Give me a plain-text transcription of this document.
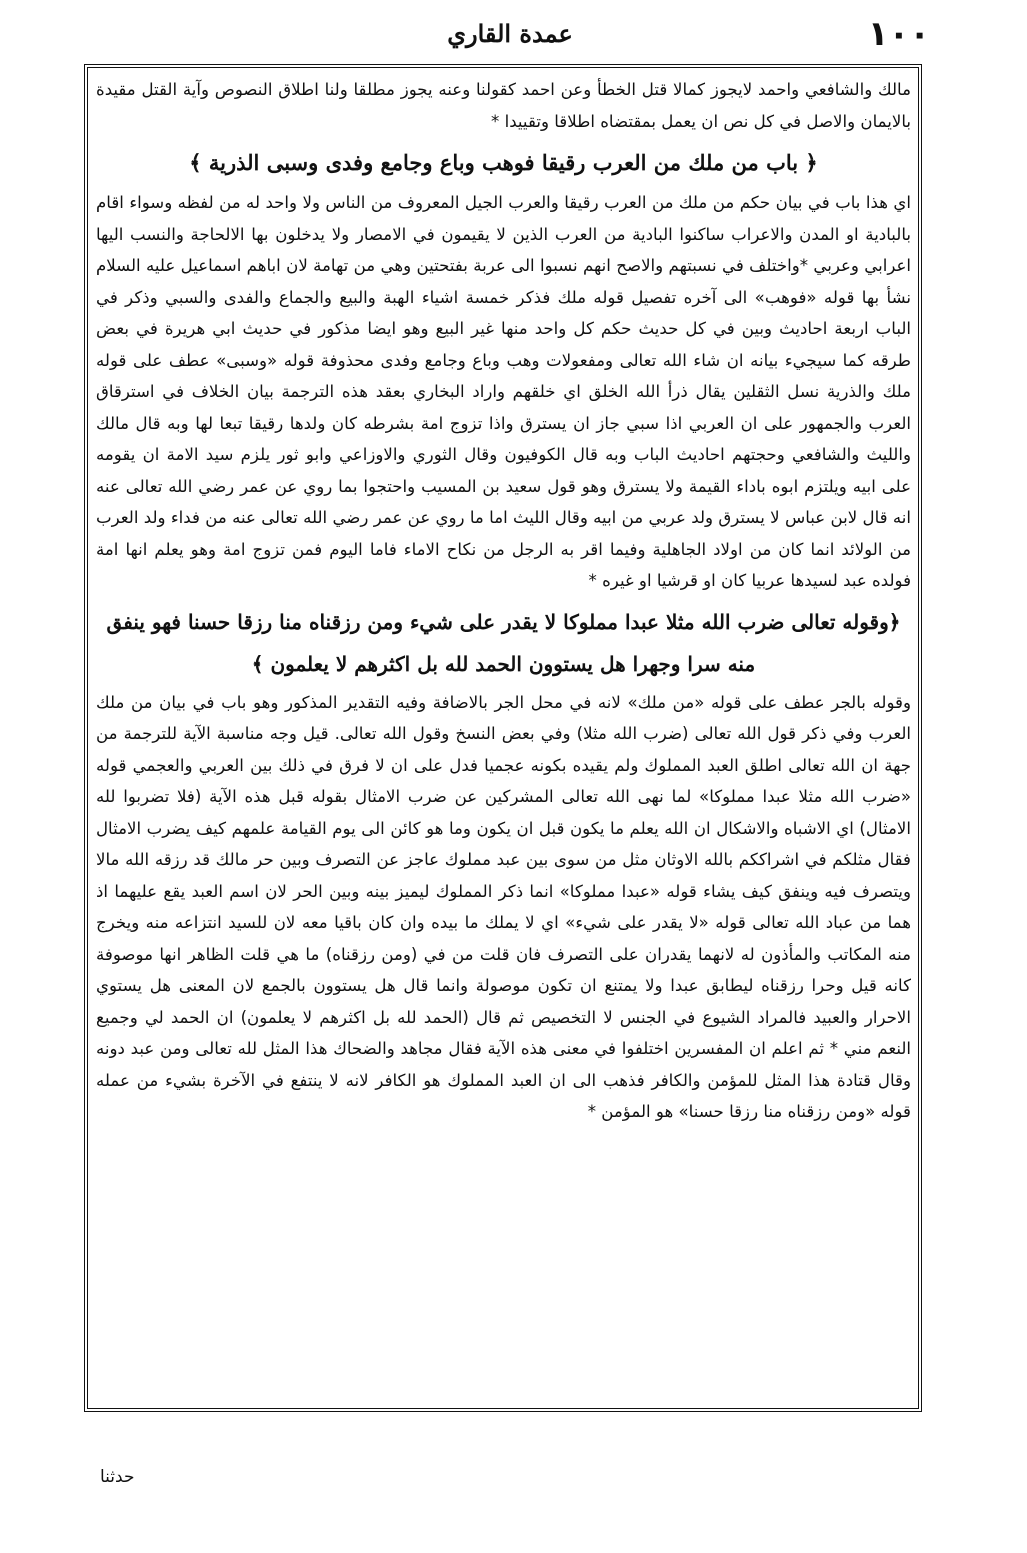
١٠٠
عمدة القاري

مالك والشافعي واحمد لايجوز كمالا قتل الخطأ وعن احمد كقولنا وعنه يجوز مطلقا ولنا اطلاق النصوص وآية القتل مقيدة بالايمان والاصل في كل نص ان يعمل بمقتضاه اطلاقا وتقييدا *

﴿ باب من ملك من العرب رقيقا فوهب وباع وجامع وفدى وسبى الذرية ﴾

اي هذا باب في بيان حكم من ملك من العرب رقيقا والعرب الجيل المعروف من الناس ولا واحد له من لفظه وسواء اقام بالبادية او المدن والاعراب ساكنوا البادية من العرب الذين لا يقيمون في الامصار ولا يدخلون بها الالحاجة والنسب اليها اعرابي وعربي *واختلف في نسبتهم والاصح انهم نسبوا الى عربة بفتحتين وهي من تهامة لان اباهم اسماعيل عليه السلام نشأ بها قوله «فوهب» الى آخره تفصيل قوله ملك فذكر خمسة اشياء الهبة والبيع والجماع والفدى والسبي وذكر في الباب اربعة احاديث وبين في كل حديث حكم كل واحد منها غير البيع وهو ايضا مذكور في حديث ابي هريرة في بعض طرقه كما سيجيء بيانه ان شاء الله تعالى ومفعولات وهب وباع وجامع وفدى محذوفة قوله «وسبى» عطف على قوله ملك والذرية نسل الثقلين يقال ذرأ الله الخلق اي خلقهم واراد البخاري بعقد هذه الترجمة بيان الخلاف في استرقاق العرب والجمهور على ان العربي اذا سبي جاز ان يسترق واذا تزوج امة بشرطه كان ولدها رقيقا تبعا لها وبه قال مالك والليث والشافعي وحجتهم احاديث الباب وبه قال الكوفيون وقال الثوري والاوزاعي وابو ثور يلزم سيد الامة ان يقومه على ابيه ويلتزم ابوه باداء القيمة ولا يسترق وهو قول سعيد بن المسيب واحتجوا بما روي عن عمر رضي الله تعالى عنه انه قال لابن عباس لا يسترق ولد عربي من ابيه وقال الليث اما ما روي عن عمر رضي الله تعالى عنه من فداء ولد العرب من الولائد انما كان من اولاد الجاهلية وفيما اقر به الرجل من نكاح الاماء فاما اليوم فمن تزوج امة وهو يعلم انها امة فولده عبد لسيدها عربيا كان او قرشيا او غيره *

﴿وقوله تعالى ضرب الله مثلا عبدا مملوكا لا يقدر على شيء ومن رزقناه منا رزقا حسنا فهو ينفق منه سرا وجهرا هل يستوون الحمد لله بل اكثرهم لا يعلمون ﴾

وقوله بالجر عطف على قوله «من ملك» لانه في محل الجر بالاضافة وفيه التقدير المذكور وهو باب في بيان من ملك العرب وفي ذكر قول الله تعالى (ضرب الله مثلا) وفي بعض النسخ وقول الله تعالى. قيل وجه مناسبة الآية للترجمة من جهة ان الله تعالى اطلق العبد المملوك ولم يقيده بكونه عجميا فدل على ان لا فرق في ذلك بين العربي والعجمي قوله «ضرب الله مثلا عبدا مملوكا» لما نهى الله تعالى المشركين عن ضرب الامثال بقوله قبل هذه الآية (فلا تضربوا لله الامثال) اي الاشباه والاشكال ان الله يعلم ما يكون قبل ان يكون وما هو كائن الى يوم القيامة علمهم كيف يضرب الامثال فقال مثلكم في اشراككم بالله الاوثان مثل من سوى بين عبد مملوك عاجز عن التصرف وبين حر مالك قد رزقه الله مالا ويتصرف فيه وينفق كيف يشاء قوله «عبدا مملوكا» انما ذكر المملوك ليميز بينه وبين الحر لان اسم العبد يقع عليهما اذ هما من عباد الله تعالى قوله «لا يقدر على شيء» اي لا يملك ما بيده وان كان باقيا معه لان للسيد انتزاعه منه ويخرج منه المكاتب والمأذون له لانهما يقدران على التصرف فان قلت من في (ومن رزقناه) ما هي قلت الظاهر انها موصوفة كانه قيل وحرا رزقناه ليطابق عبدا ولا يمتنع ان تكون موصولة وانما قال هل يستوون بالجمع لان المعنى هل يستوي الاحرار والعبيد فالمراد الشيوع في الجنس لا التخصيص ثم قال (الحمد لله بل اكثرهم لا يعلمون) ان الحمد لي وجميع النعم مني * ثم اعلم ان المفسرين اختلفوا في معنى هذه الآية فقال مجاهد والضحاك هذا المثل لله تعالى ومن عبد دونه وقال قتادة هذا المثل للمؤمن والكافر فذهب الى ان العبد المملوك هو الكافر لانه لا ينتفع في الآخرة بشيء من عمله قوله «ومن رزقناه منا رزقا حسنا» هو المؤمن *

حدثنا
